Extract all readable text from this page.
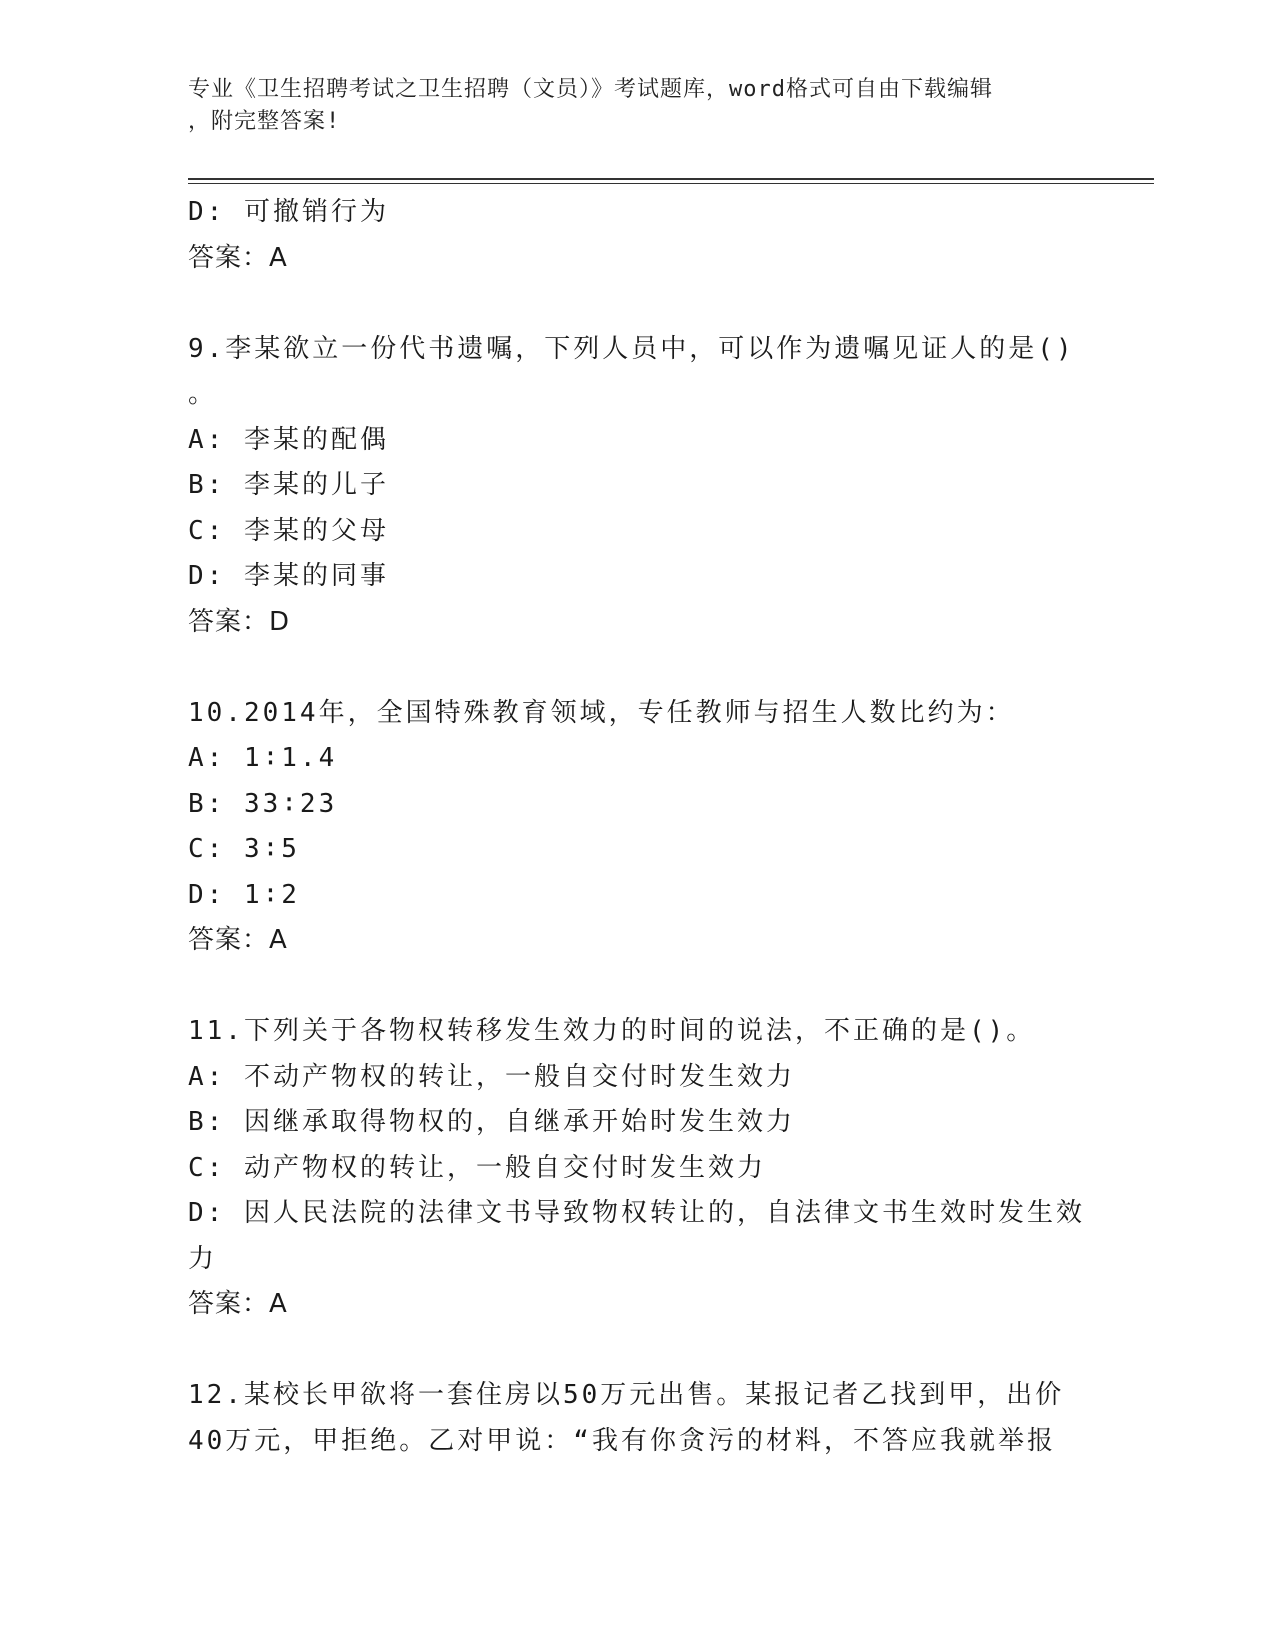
专业《卫生招聘考试之卫生招聘（文员）》考试题库，word格式可自由下载编辑
，附完整答案!
D: 可撤销行为
答案：A
9.李某欲立一份代书遗嘱，下列人员中，可以作为遗嘱见证人的是()
。
A: 李某的配偶
B: 李某的儿子
C: 李某的父母
D: 李某的同事
答案：D
10.2014年，全国特殊教育领域，专任教师与招生人数比约为：
A: 1∶1.4
B: 33∶23
C: 3∶5
D: 1∶2
答案：A
11.下列关于各物权转移发生效力的时间的说法，不正确的是()。
A: 不动产物权的转让，一般自交付时发生效力
B: 因继承取得物权的，自继承开始时发生效力
C: 动产物权的转让，一般自交付时发生效力
D: 因人民法院的法律文书导致物权转让的，自法律文书生效时发生效
力
答案：A
12.某校长甲欲将一套住房以50万元出售。某报记者乙找到甲，出价
40万元，甲拒绝。乙对甲说：“我有你贪污的材料，不答应我就举报
